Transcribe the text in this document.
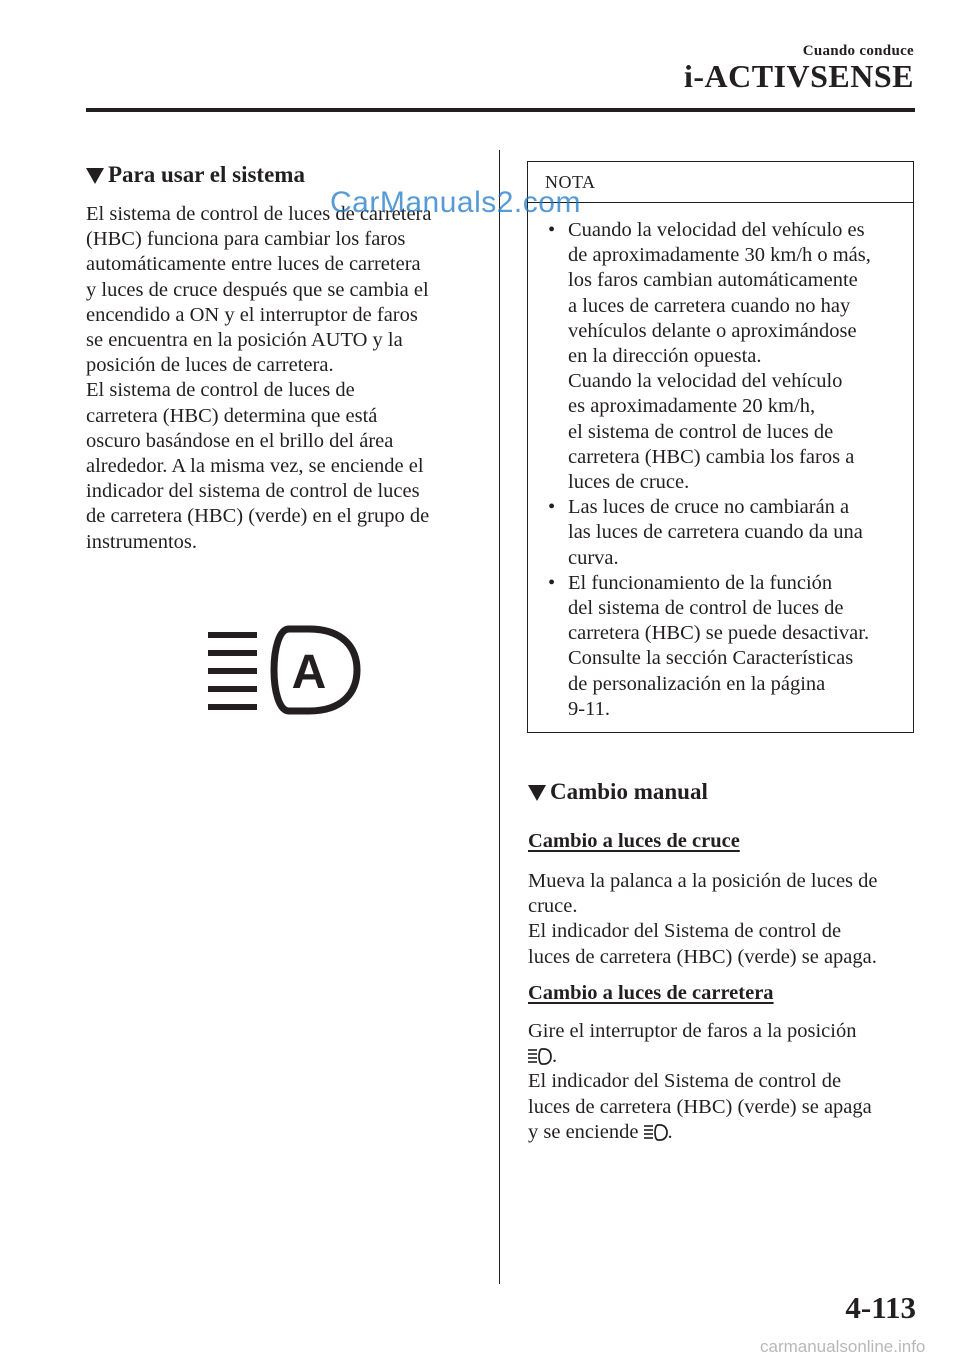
Cuando conduce
i-ACTIVSENSE
Para usar el sistema
El sistema de control de luces de carretera
(HBC) funciona para cambiar los faros
automáticamente entre luces de carretera
y luces de cruce después que se cambia el
encendido a ON y el interruptor de faros
se encuentra en la posición AUTO y la
posición de luces de carretera.
El sistema de control de luces de
carretera (HBC) determina que está
oscuro basándose en el brillo del área
alrededor. A la misma vez, se enciende el
indicador del sistema de control de luces
de carretera (HBC) (verde) en el grupo de
instrumentos.
A
NOTA
• Cuando la velocidad del vehículo es
de aproximadamente 30 km/h o más,
los faros cambian automáticamente
a luces de carretera cuando no hay
vehículos delante o aproximándose
en la dirección opuesta.
Cuando la velocidad del vehículo
es aproximadamente 20 km/h,
el sistema de control de luces de
carretera (HBC) cambia los faros a
luces de cruce.
• Las luces de cruce no cambiarán a
las luces de carretera cuando da una
curva.
• El funcionamiento de la función
del sistema de control de luces de
carretera (HBC) se puede desactivar.
Consulte la sección Características
de personalización en la página
9-11.
Cambio manual
Cambio a luces de cruce
Mueva la palanca a la posición de luces de
cruce.
El indicador del Sistema de control de
luces de carretera (HBC) (verde) se apaga.
Cambio a luces de carretera
Gire el interruptor de faros a la posición
.
El indicador del Sistema de control de
luces de carretera (HBC) (verde) se apaga
y se enciende .
CarManuals2.com
4-113
carmanualsonline.info
